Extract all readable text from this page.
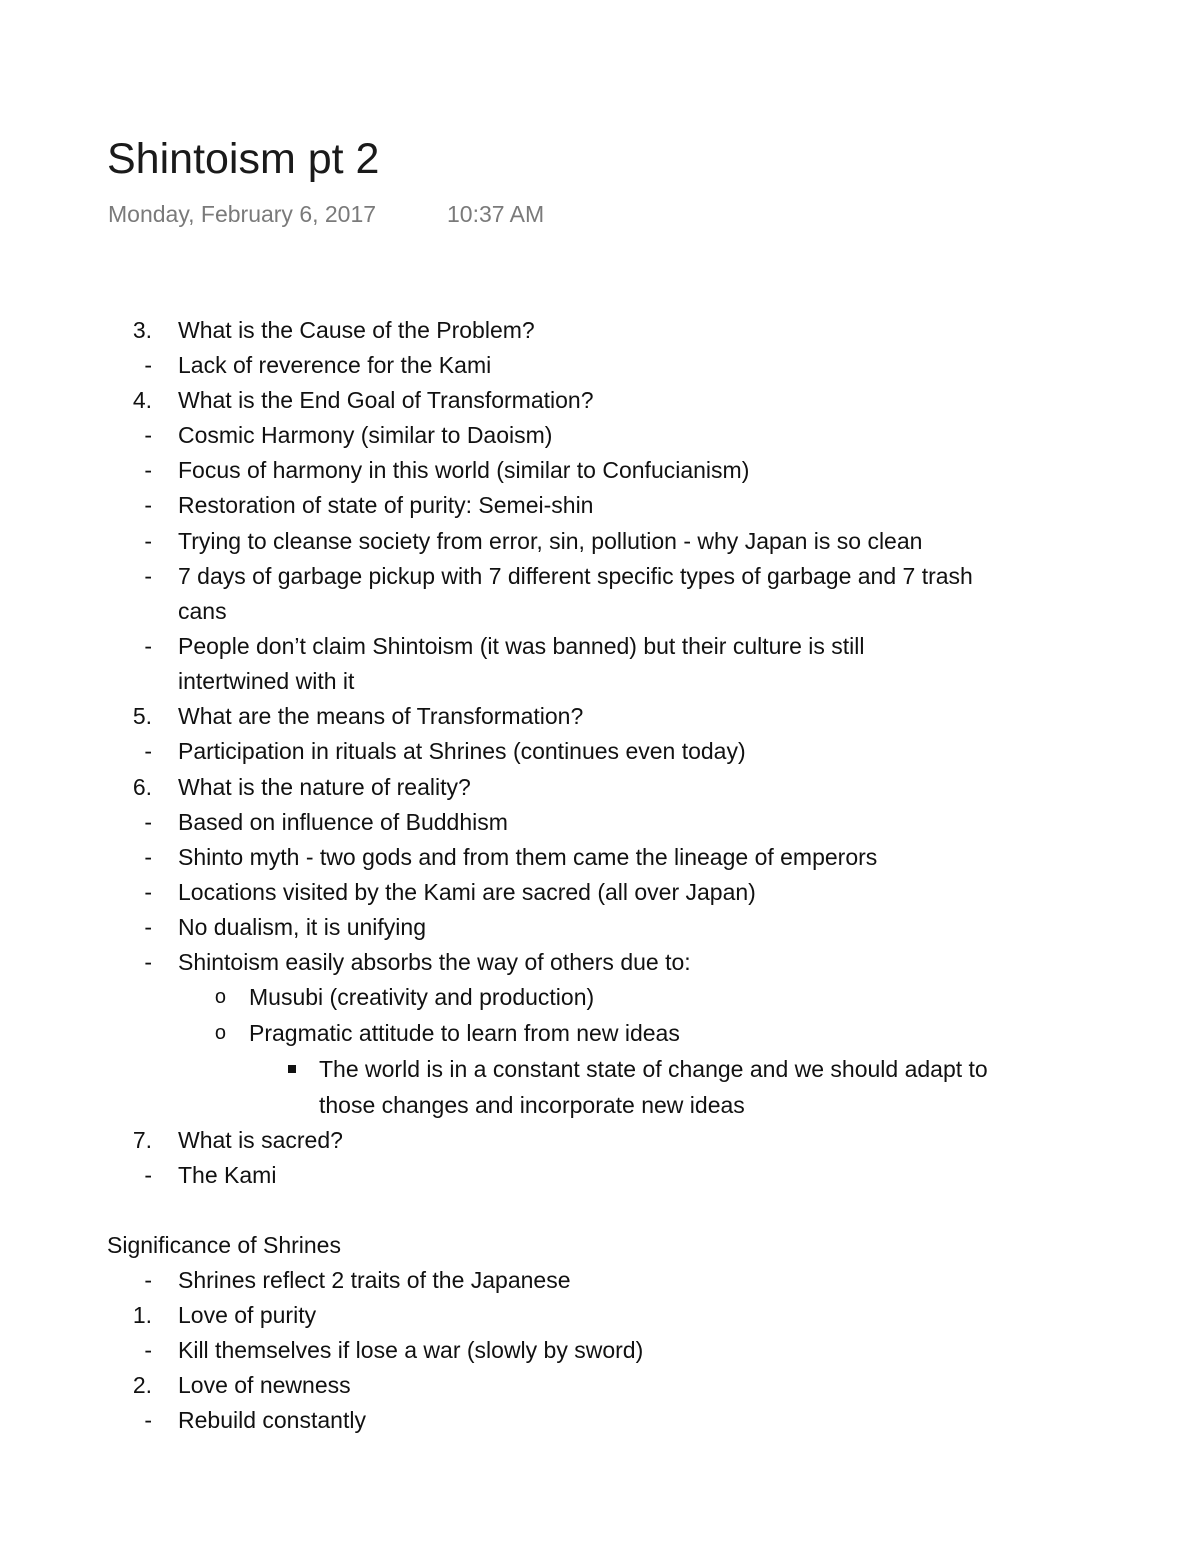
Shintoism pt 2
Monday, February 6, 2017	10:37 AM
3. What is the Cause of the Problem?
- Lack of reverence for the Kami
4. What is the End Goal of Transformation?
- Cosmic Harmony (similar to Daoism)
- Focus of harmony in this world (similar to Confucianism)
- Restoration of state of purity: Semei-shin
- Trying to cleanse society from error, sin, pollution - why Japan is so clean
- 7 days of garbage pickup with 7 different specific types of garbage and 7 trash
cans
- People don’t claim Shintoism (it was banned) but their culture is still
intertwined with it
5. What are the means of Transformation?
- Participation in rituals at Shrines (continues even today)
6. What is the nature of reality?
- Based on influence of Buddhism
- Shinto myth - two gods and from them came the lineage of emperors
- Locations visited by the Kami are sacred (all over Japan)
- No dualism, it is unifying
- Shintoism easily absorbs the way of others due to:
o Musubi (creativity and production)
o Pragmatic attitude to learn from new ideas
The world is in a constant state of change and we should adapt to
those changes and incorporate new ideas
7. What is sacred?
- The Kami
Significance of Shrines
- Shrines reflect 2 traits of the Japanese
1. Love of purity
- Kill themselves if lose a war (slowly by sword)
2. Love of newness
- Rebuild constantly
